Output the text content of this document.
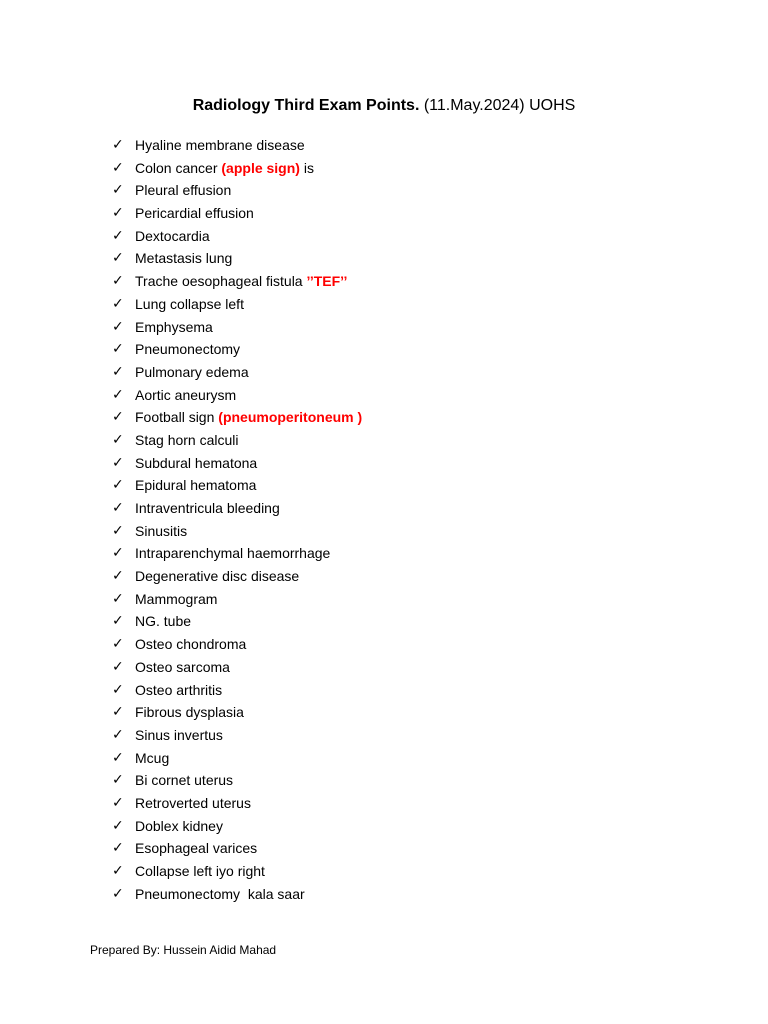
Radiology Third Exam Points. (11.May.2024) UOHS
✓ Hyaline membrane disease
✓ Colon cancer (apple sign) is
✓ Pleural effusion
✓ Pericardial effusion
✓ Dextocardia
✓ Metastasis lung
✓ Trache oesophageal fistula ’’TEF’’
✓ Lung collapse left
✓ Emphysema
✓ Pneumonectomy
✓ Pulmonary edema
✓ Aortic aneurysm
✓ Football sign (pneumoperitoneum )
✓ Stag horn calculi
✓ Subdural hematona
✓ Epidural hematoma
✓ Intraventricula bleeding
✓ Sinusitis
✓ Intraparenchymal haemorrhage
✓ Degenerative disc disease
✓ Mammogram
✓ NG. tube
✓ Osteo chondroma
✓ Osteo sarcoma
✓ Osteo arthritis
✓ Fibrous dysplasia
✓ Sinus invertus
✓ Mcug
✓ Bi cornet uterus
✓ Retroverted uterus
✓ Doblex kidney
✓ Esophageal varices
✓ Collapse left iyo right
✓ Pneumonectomy  kala saar
Prepared By: Hussein Aidid Mahad
